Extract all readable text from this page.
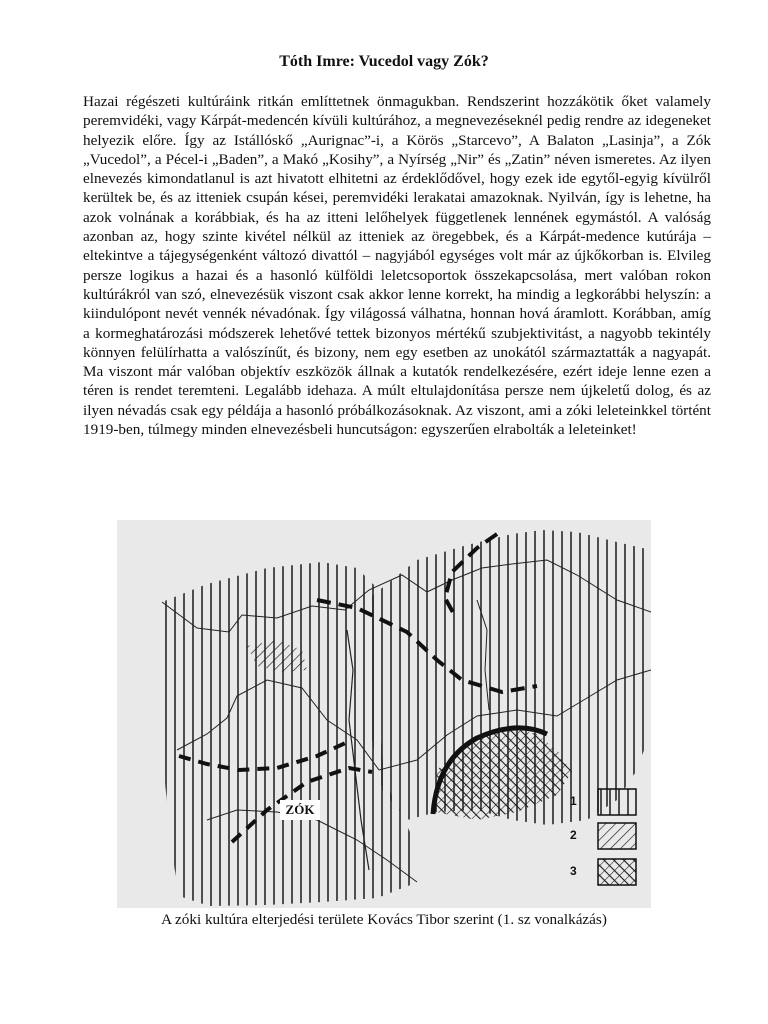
Tóth Imre: Vucedol vagy Zók?

Hazai régészeti kultúráink ritkán említtetnek önmagukban. Rendszerint hozzákötik őket valamely peremvidéki, vagy Kárpát-medencén kívüli kultúrához, a megnevezéseknél pedig rendre az idegeneket helyezik előre. Így az Istállóskő „Aurignac”-i, a Körös „Starcevo”, A Balaton „Lasinja”, a Zók „Vucedol”, a Pécel-i „Baden”, a Makó „Kosihy”, a Nyírség „Nir” és „Zatin” néven ismeretes. Az ilyen elnevezés kimondatlanul is azt hivatott elhitetni az érdeklődővel, hogy ezek ide egytől-egyig kívülről kerültek be, és az itteniek csupán kései, peremvidéki lerakatai amazoknak. Nyilván, így is lehetne, ha azok volnának a korábbiak, és ha az itteni lelőhelyek függetlenek lennének egymástól. A valóság azonban az, hogy szinte kivétel nélkül az itteniek az öregebbek, és a Kárpát-medence kutúrája – eltekintve a tájegységenként változó divattól – nagyjából egységes volt már az újkőkorban is. Elvileg persze logikus a hazai és a hasonló külföldi leletcsoportok összekapcsolása, mert valóban rokon kultúrákról van szó, elnevezésük viszont csak akkor lenne korrekt, ha mindig a legkorábbi helyszín: a kiindulópont nevét vennék névadónak. Így világossá válhatna, honnan hová áramlott. Korábban, amíg a kormeghatározási módszerek lehetővé tettek bizonyos mértékű szubjektivitást, a nagyobb tekintély könnyen felülírhatta a valószínűt, és bizony, nem egy esetben az unokától származtatták a nagyapát. Ma viszont már valóban objektív eszközök állnak a kutatók rendelkezésére, ezért ideje lenne ezen a téren is rendet teremteni. Legalább idehaza. A múlt eltulajdonítása persze nem újkeletű dolog, és az ilyen névadás csak egy példája a hasonló próbálkozásoknak. Az viszont, ami a zóki leleteinkkel történt 1919-ben, túlmegy minden elnevezésbeli huncutságon: egyszerűen elrabolták a leleteinket!

ZÓK
1
2
3

A zóki kultúra elterjedési területe Kovács Tibor szerint (1. sz vonalkázás)
